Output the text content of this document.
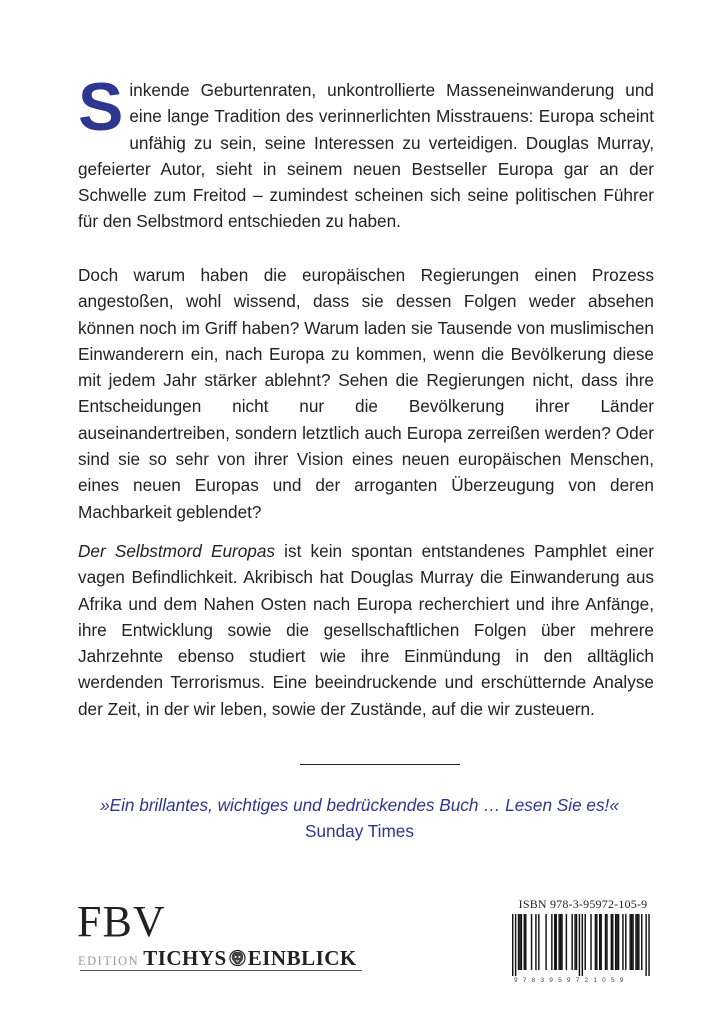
Sinkende Geburtenraten, unkontrollierte Masseneinwanderung und eine lange Tradition des verinnerlichten Misstrauens: Europa scheint unfähig zu sein, seine Interessen zu verteidigen. Douglas Murray, gefeierter Autor, sieht in seinem neuen Bestseller Europa gar an der Schwelle zum Freitod – zumindest scheinen sich seine politischen Führer für den Selbstmord entschieden zu haben.
Doch warum haben die europäischen Regierungen einen Prozess angestoßen, wohl wissend, dass sie dessen Folgen weder absehen können noch im Griff haben? Warum laden sie Tausende von muslimischen Einwanderern ein, nach Europa zu kommen, wenn die Bevölkerung diese mit jedem Jahr stärker ablehnt? Sehen die Regierungen nicht, dass ihre Entscheidungen nicht nur die Bevölkerung ihrer Länder auseinandertreiben, sondern letztlich auch Europa zerreißen werden? Oder sind sie so sehr von ihrer Vision eines neuen europäischen Menschen, eines neuen Europas und der arroganten Überzeugung von deren Machbarkeit geblendet?
Der Selbstmord Europas ist kein spontan entstandenes Pamphlet einer vagen Befindlichkeit. Akribisch hat Douglas Murray die Einwanderung aus Afrika und dem Nahen Osten nach Europa recherchiert und ihre Anfänge, ihre Entwicklung sowie die gesellschaftlichen Folgen über mehrere Jahrzehnte ebenso studiert wie ihre Einmündung in den alltäglich werdenden Terrorismus. Eine beeindruckende und erschütternde Analyse der Zeit, in der wir leben, sowie der Zustände, auf die wir zusteuern.
»Ein brillantes, wichtiges und bedrückendes Buch … Lesen Sie es!«
Sunday Times
FBV
EDITION TICHYS EINBLICK
ISBN 978-3-95972-105-9
9783959721059
